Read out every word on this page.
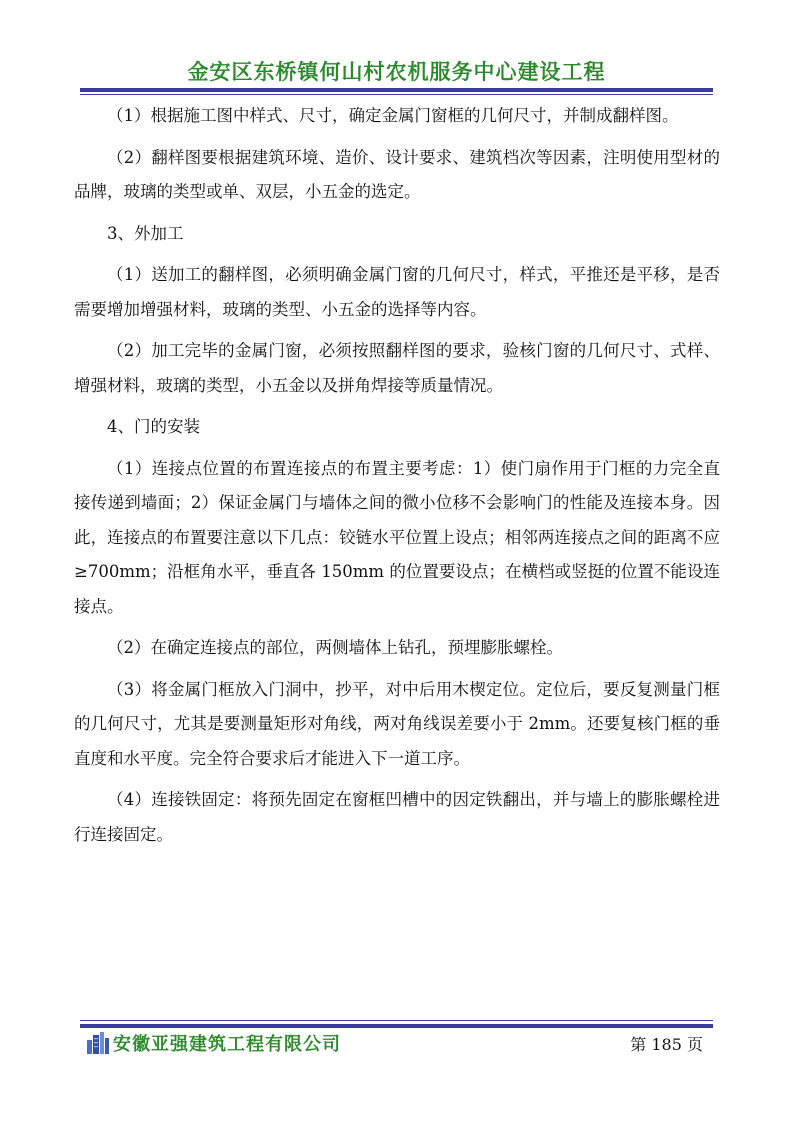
金安区东桥镇何山村农机服务中心建设工程

（1）根据施工图中样式、尺寸，确定金属门窗框的几何尺寸，并制成翻样图。

（2）翻样图要根据建筑环境、造价、设计要求、建筑档次等因素，注明使用型材的品牌，玻璃的类型或单、双层，小五金的选定。

3、外加工

（1）送加工的翻样图，必须明确金属门窗的几何尺寸，样式，平推还是平移，是否需要增加增强材料，玻璃的类型、小五金的选择等内容。

（2）加工完毕的金属门窗，必须按照翻样图的要求，验核门窗的几何尺寸、式样、增强材料，玻璃的类型，小五金以及拼角焊接等质量情况。

4、门的安装

（1）连接点位置的布置连接点的布置主要考虑：1）使门扇作用于门框的力完全直接传递到墙面；2）保证金属门与墙体之间的微小位移不会影响门的性能及连接本身。因此，连接点的布置要注意以下几点：铰链水平位置上设点；相邻两连接点之间的距离不应≥700mm；沿框角水平，垂直各 150mm 的位置要设点；在横档或竖挺的位置不能设连接点。

（2）在确定连接点的部位，两侧墙体上钻孔，预埋膨胀螺栓。

（3）将金属门框放入门洞中，抄平，对中后用木楔定位。定位后，要反复测量门框的几何尺寸，尤其是要测量矩形对角线，两对角线误差要小于 2mm。还要复核门框的垂直度和水平度。完全符合要求后才能进入下一道工序。

（4）连接铁固定：将预先固定在窗框凹槽中的因定铁翻出，并与墙上的膨胀螺栓进行连接固定。

安徽亚强建筑工程有限公司	第 185 页
